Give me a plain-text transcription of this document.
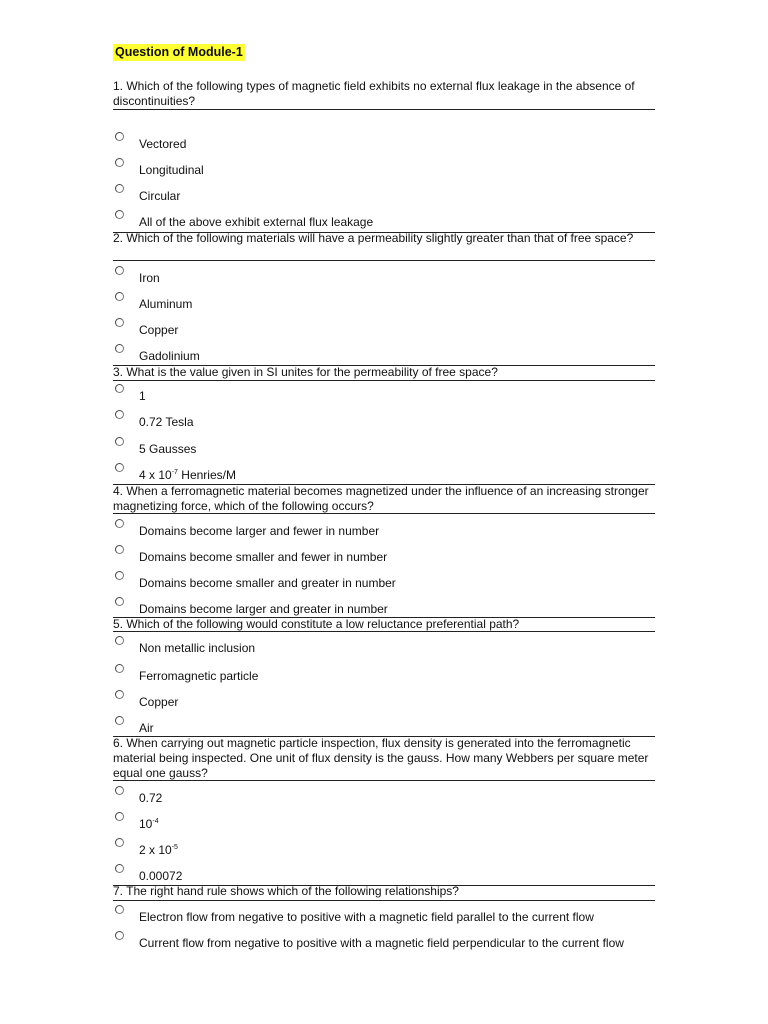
Question of Module-1
1. Which of the following types of magnetic field exhibits no external flux leakage in the absence of discontinuities?
Vectored
Longitudinal
Circular
All of the above exhibit external flux leakage
2. Which of the following materials will have a permeability slightly greater than that of free space?
Iron
Aluminum
Copper
Gadolinium
3. What is the value given in SI unites for the permeability of free space?
1
0.72 Tesla
5 Gausses
4 x $10^{-7}$ Henries/M
4. When a ferromagnetic material becomes magnetized under the influence of an increasing stronger magnetizing force, which of the following occurs?
Domains become larger and fewer in number
Domains become smaller and fewer in number
Domains become smaller and greater in number
Domains become larger and greater in number
5. Which of the following would constitute a low reluctance preferential path?
Non metallic inclusion
Ferromagnetic particle
Copper
Air
6. When carrying out magnetic particle inspection, flux density is generated into the ferromagnetic material being inspected. One unit of flux density is the gauss. How many Webbers per square meter equal one gauss?
0.72
$10^{-4}$
2 x $10^{-5}$
0.00072
7. The right hand rule shows which of the following relationships?
Electron flow from negative to positive with a magnetic field parallel to the current flow
Current flow from negative to positive with a magnetic field perpendicular to the current flow
